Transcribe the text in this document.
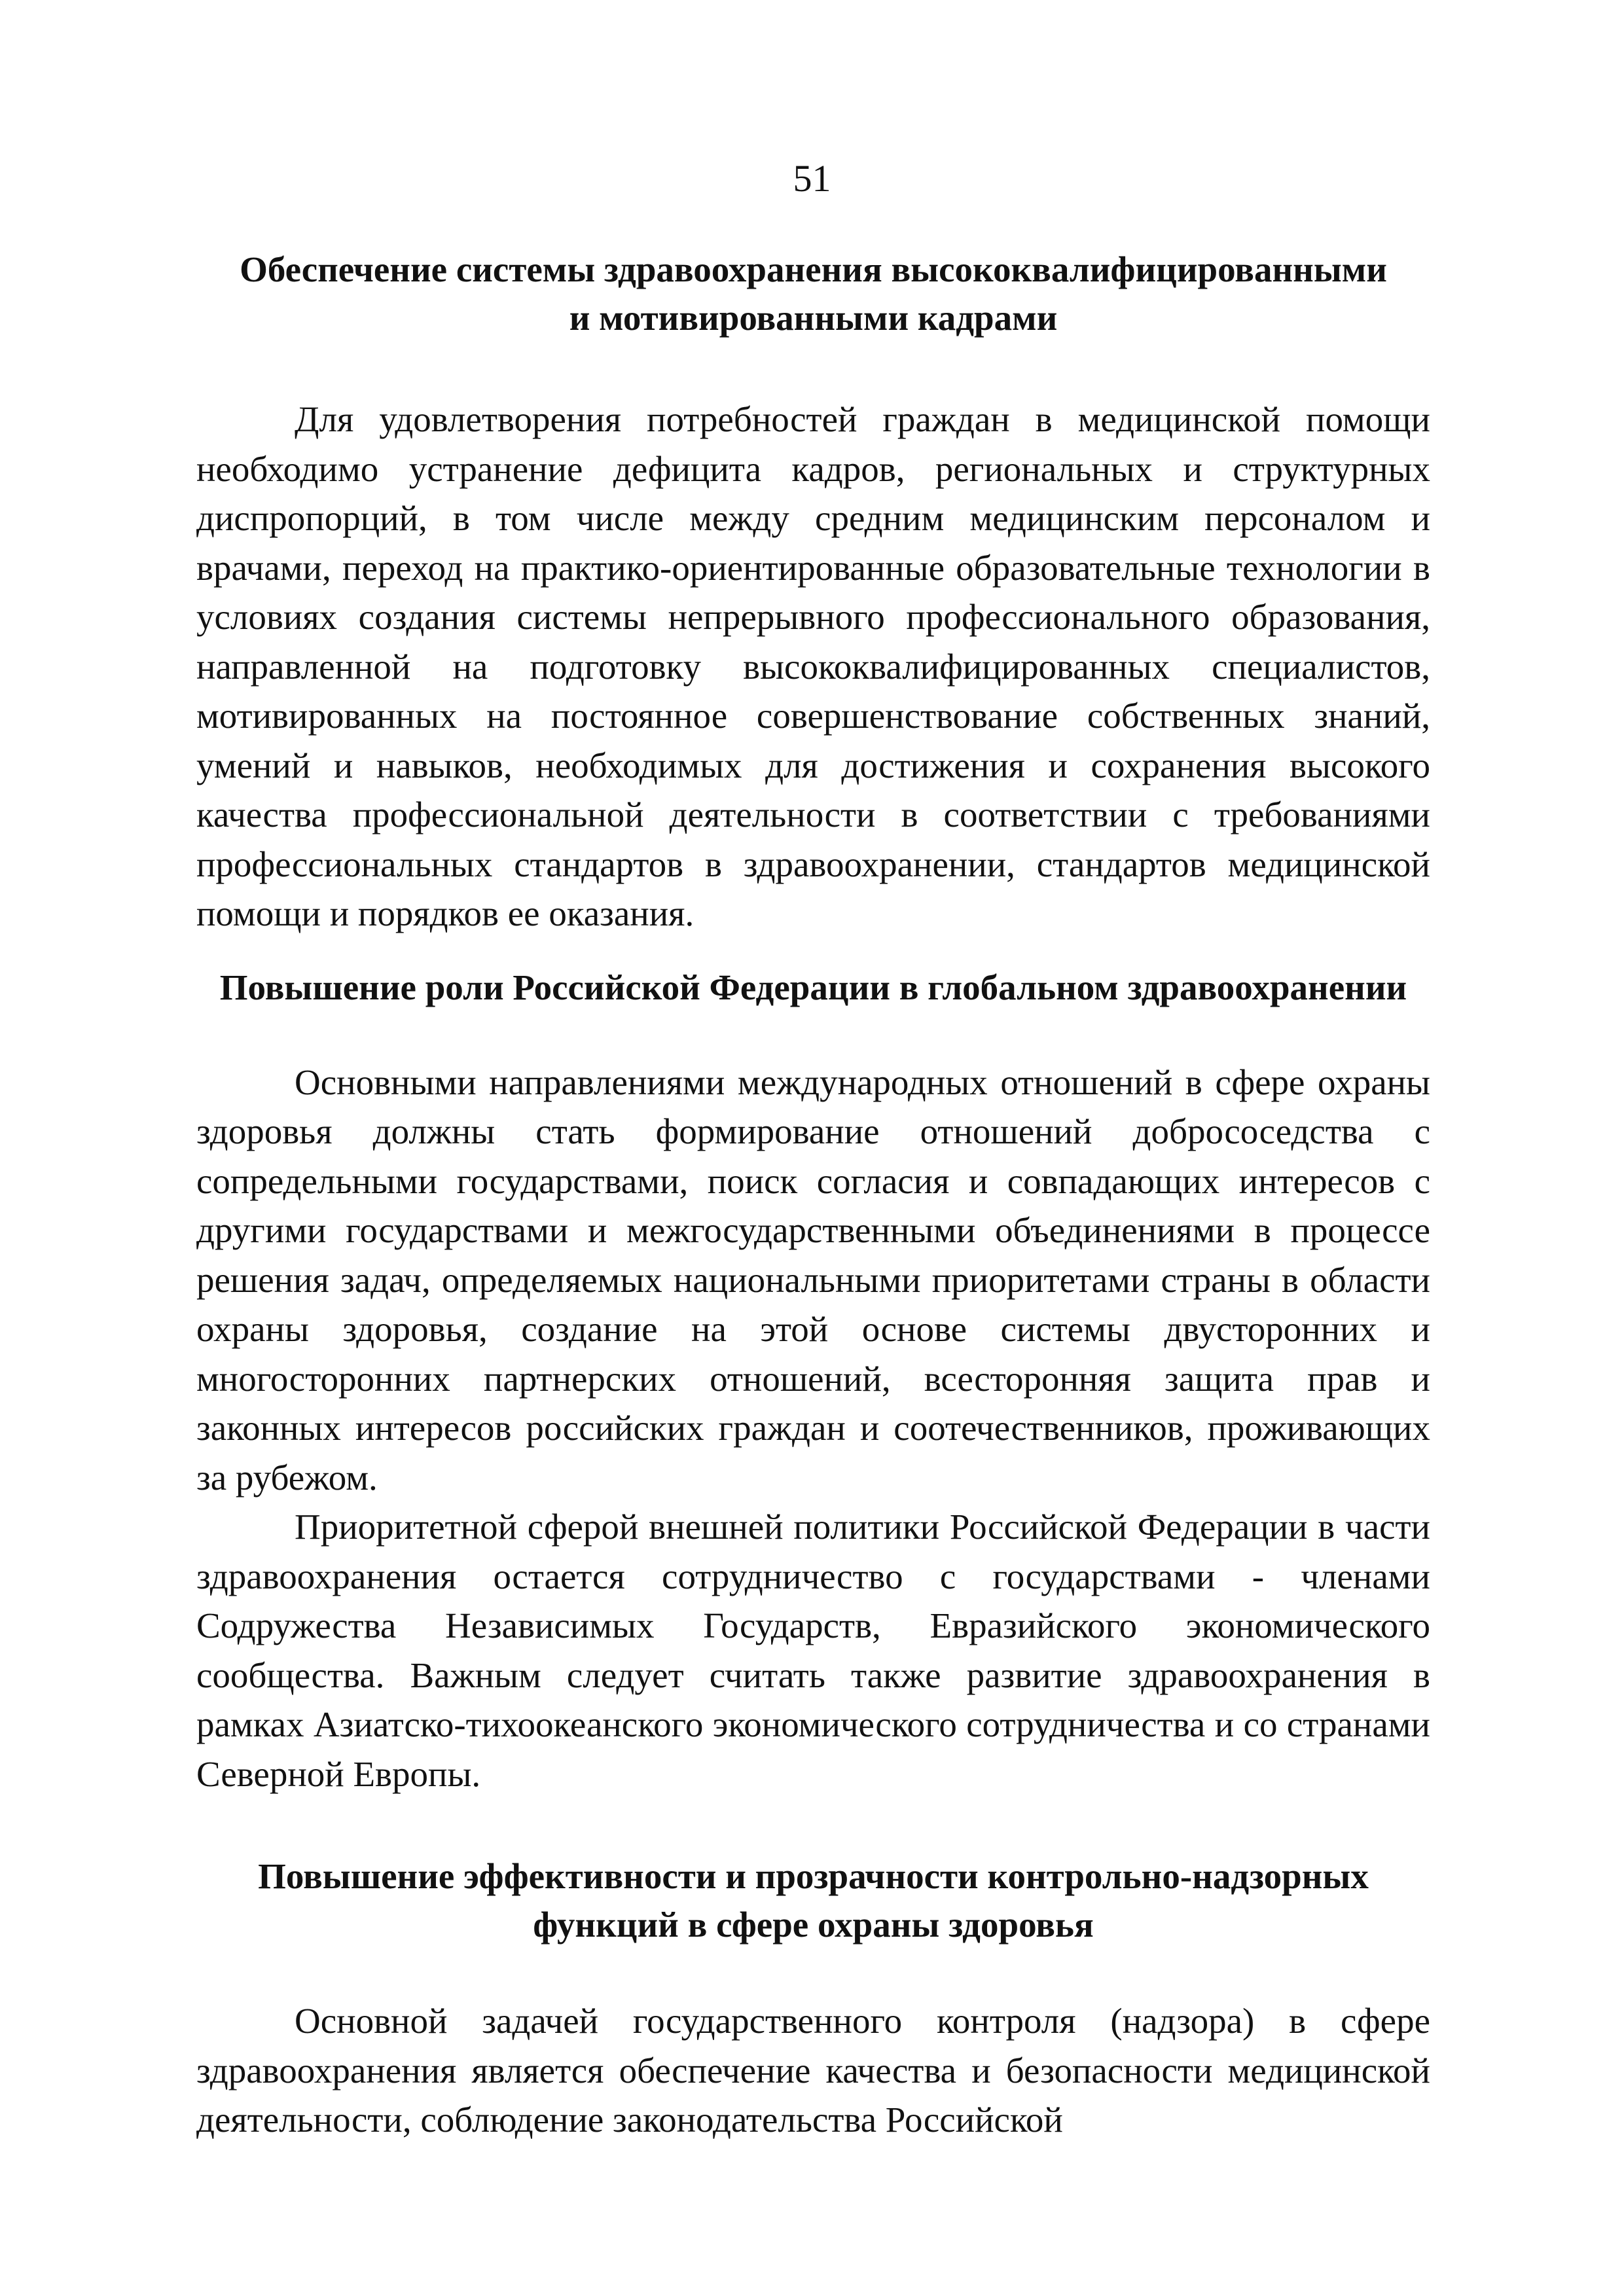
51
Обеспечение системы здравоохранения высококвалифицированными
и мотивированными кадрами

Для удовлетворения потребностей граждан в медицинской помощи необходимо устранение дефицита кадров, региональных и структурных диспропорций, в том числе между средним медицинским персоналом и врачами, переход на практико-ориентированные образовательные технологии в условиях создания системы непрерывного профессионального образования, направленной на подготовку высококвалифицированных специалистов, мотивированных на постоянное совершенствование собственных знаний, умений и навыков, необходимых для достижения и сохранения высокого качества профессиональной деятельности в соответствии с требованиями профессиональных стандартов в здравоохранении, стандартов медицинской помощи и порядков ее оказания.

Повышение роли Российской Федерации в глобальном здравоохранении

Основными направлениями международных отношений в сфере охраны здоровья должны стать формирование отношений добрососедства с сопредельными государствами, поиск согласия и совпадающих интересов с другими государствами и межгосударственными объединениями в процессе решения задач, определяемых национальными приоритетами страны в области охраны здоровья, создание на этой основе системы двусторонних и многосторонних партнерских отношений, всесторонняя защита прав и законных интересов российских граждан и соотечественников, проживающих за рубежом.

Приоритетной сферой внешней политики Российской Федерации в части здравоохранения остается сотрудничество с государствами - членами Содружества Независимых Государств, Евразийского экономического сообщества. Важным следует считать также развитие здравоохранения в рамках Азиатско-тихоокеанского экономического сотрудничества и со странами Северной Европы.

Повышение эффективности и прозрачности контрольно-надзорных
функций в сфере охраны здоровья

Основной задачей государственного контроля (надзора) в сфере здравоохранения является обеспечение качества и безопасности медицинской деятельности, соблюдение законодательства Российской
